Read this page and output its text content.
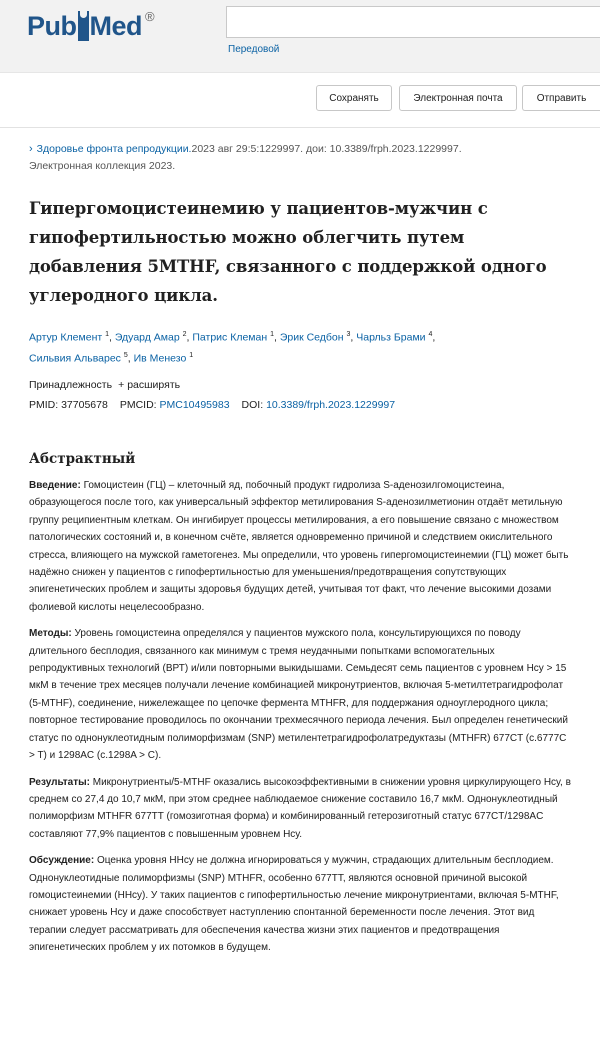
Pub Med ®
Передовой
Сохранять	Электронная почта	Отправить
› Здоровье фронта репродукции.2023 авг 29:5:1229997. дои: 10.3389/frph.2023.1229997.
Электронная коллекция 2023.
Гипергомоцистеинемию у пациентов-мужчин с гипофертильностью можно облегчить путем добавления 5MTHF, связанного с поддержкой одного углеродного цикла.
Артур Клемент $^1$, Эдуард Амар $^2$, Патрис Клеман $^1$, Эрик Седбон $^3$, Чарльз Брами $^4$,
Сильвия Альварес $^5$, Ив Менезо $^1$
Принадлежность + расширять
PMID: 37705678 PMCID: PMC10495983 DOI: 10.3389/frph.2023.1229997
Абстрактный
Введение: Гомоцистеин (ГЦ) – клеточный яд, побочный продукт гидролиза S-аденозилгомоцистеина, образующегося после того, как универсальный эффектор метилирования S-аденозилметионин отдаёт метильную группу реципиентным клеткам. Он ингибирует процессы метилирования, а его повышение связано с множеством патологических состояний и, в конечном счёте, является одновременно причиной и следствием окислительного стресса, влияющего на мужской гаметогенез. Мы определили, что уровень гипергомоцистеинемии (ГЦ) может быть надёжно снижен у пациентов с гипофертильностью для уменьшения/предотвращения сопутствующих эпигенетических проблем и защиты здоровья будущих детей, учитывая тот факт, что лечение высокими дозами фолиевой кислоты нецелесообразно.
Методы: Уровень гомоцистеина определялся у пациентов мужского пола, консультирующихся по поводу длительного бесплодия, связанного как минимум с тремя неудачными попытками вспомогательных репродуктивных технологий (ВРТ) и/или повторными выкидышами. Семьдесят семь пациентов с уровнем Нсу > 15 мкМ в течение трех месяцев получали лечение комбинацией микронутриентов, включая 5-метилтетрагидрофолат (5-MTHF), соединение, нижележащее по цепочке фермента MTHFR, для поддержания одноуглеродного цикла; повторное тестирование проводилось по окончании трехмесячного периода лечения. Был определен генетический статус по однонуклеотидным полиморфизмам (SNP) метилентетрагидрофолатредуктазы (MTHFR) 677CT (c.6777C > T) и 1298AC (c.1298A > C).
Результаты: Микронутриенты/5-MTHF оказались высокоэффективными в снижении уровня циркулирующего Нсу, в среднем со 27,4 до 10,7 мкМ, при этом среднее наблюдаемое снижение составило 16,7 мкМ. Однонуклеотидный полиморфизм MTHFR 677TT (гомозиготная форма) и комбинированный гетерозиготный статус 677CT/1298AC составляют 77,9% пациентов с повышенным уровнем Нсу.
Обсуждение: Оценка уровня ННсу не должна игнорироваться у мужчин, страдающих длительным бесплодием. Однонуклеотидные полиморфизмы (SNP) MTHFR, особенно 677TT, являются основной причиной высокой гомоцистеинемии (ННсу). У таких пациентов с гипофертильностью лечение микронутриентами, включая 5-MTHF, снижает уровень Нсу и даже способствует наступлению спонтанной беременности после лечения. Этот вид терапии следует рассматривать для обеспечения качества жизни этих пациентов и предотвращения эпигенетических проблем у их потомков в будущем.
